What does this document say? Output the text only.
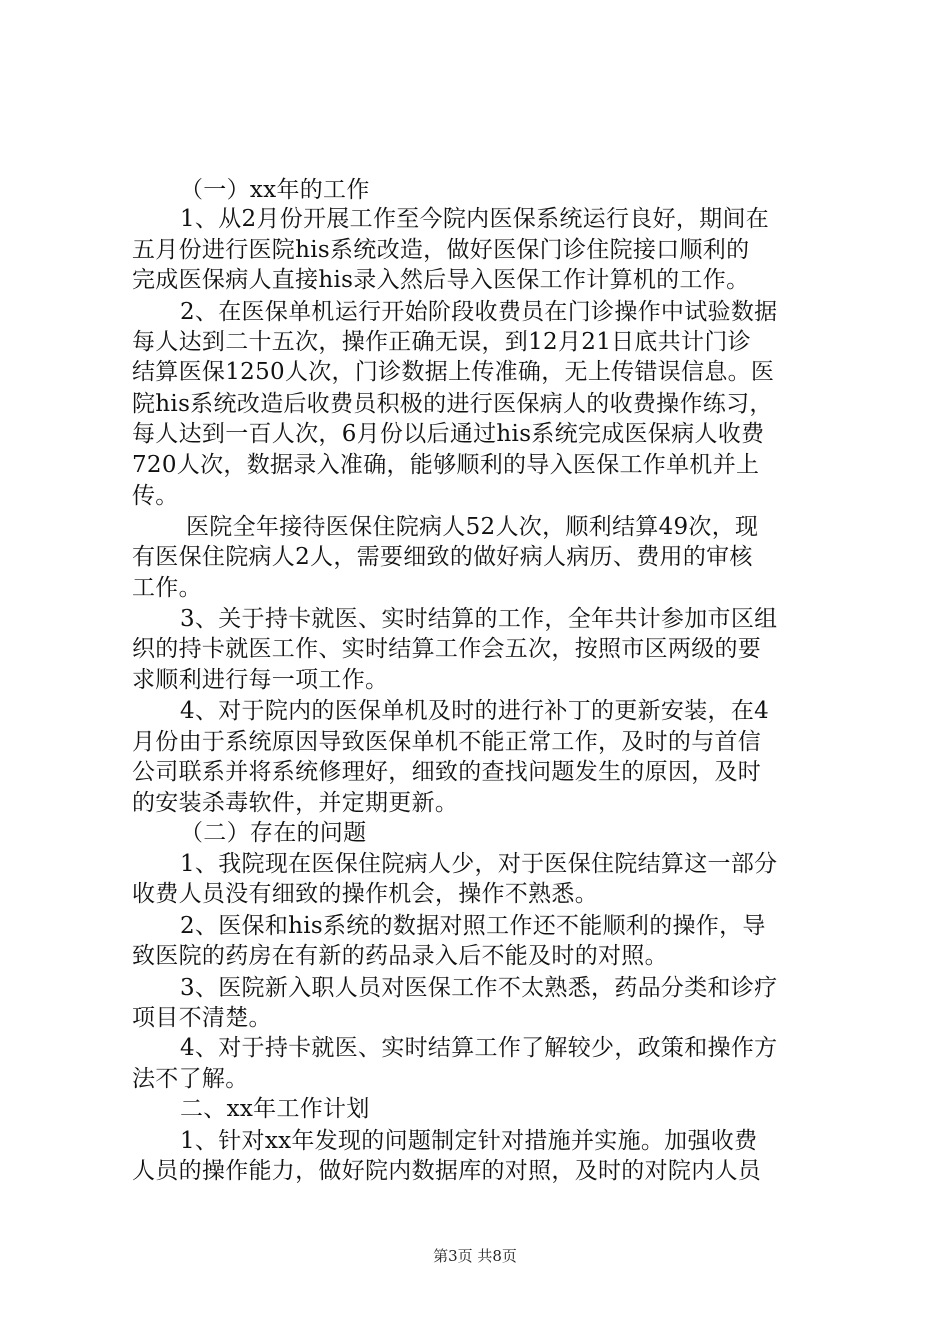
（一）xx年的工作
1、从2月份开展工作至今院内医保系统运行良好，期间在
五月份进行医院his系统改造，做好医保门诊住院接口顺利的
完成医保病人直接his录入然后导入医保工作计算机的工作。
2、在医保单机运行开始阶段收费员在门诊操作中试验数据
每人达到二十五次，操作正确无误，到12月21日底共计门诊
结算医保1250人次，门诊数据上传准确，无上传错误信息。医
院his系统改造后收费员积极的进行医保病人的收费操作练习，
每人达到一百人次，6月份以后通过his系统完成医保病人收费
720人次，数据录入准确，能够顺利的导入医保工作单机并上
传。
医院全年接待医保住院病人52人次，顺利结算49次，现
有医保住院病人2人，需要细致的做好病人病历、费用的审核
工作。
3、关于持卡就医、实时结算的工作，全年共计参加市区组
织的持卡就医工作、实时结算工作会五次，按照市区两级的要
求顺利进行每一项工作。
4、对于院内的医保单机及时的进行补丁的更新安装，在4
月份由于系统原因导致医保单机不能正常工作，及时的与首信
公司联系并将系统修理好，细致的查找问题发生的原因，及时
的安装杀毒软件，并定期更新。
（二）存在的问题
1、我院现在医保住院病人少，对于医保住院结算这一部分
收费人员没有细致的操作机会，操作不熟悉。
2、医保和his系统的数据对照工作还不能顺利的操作，导
致医院的药房在有新的药品录入后不能及时的对照。
3、医院新入职人员对医保工作不太熟悉，药品分类和诊疗
项目不清楚。
4、对于持卡就医、实时结算工作了解较少，政策和操作方
法不了解。
二、xx年工作计划
1、针对xx年发现的问题制定针对措施并实施。加强收费
人员的操作能力，做好院内数据库的对照，及时的对院内人员
第3页 共8页
